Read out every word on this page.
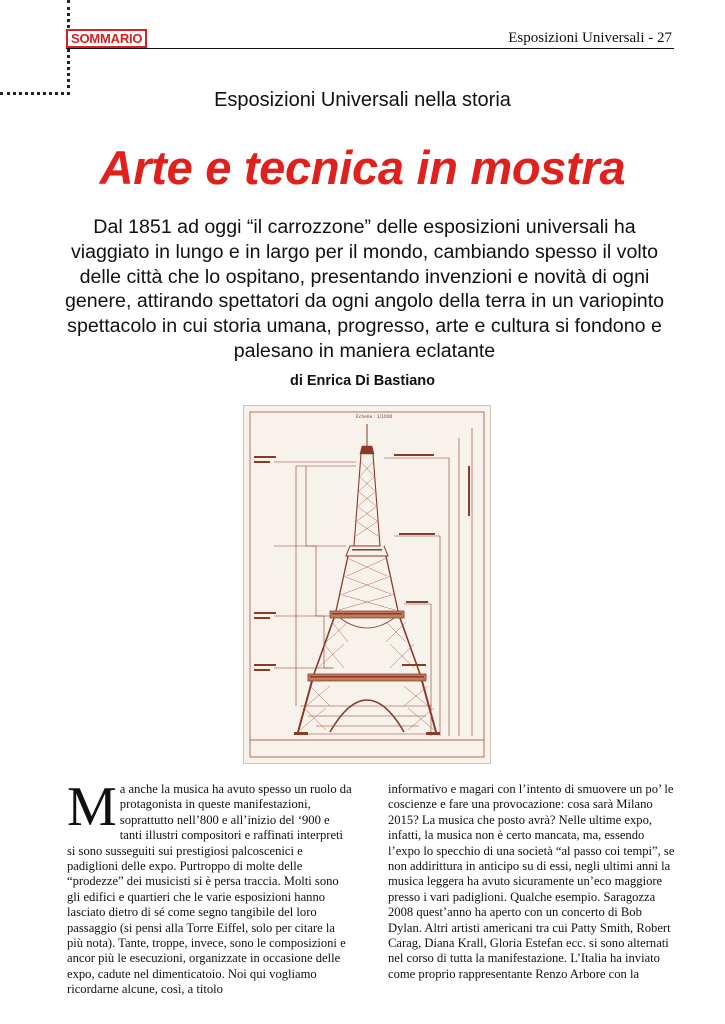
SOMMARIO	Esposizioni Universali - 27
Esposizioni Universali nella storia
Arte e tecnica in mostra
Dal 1851 ad oggi “il carrozzone” delle esposizioni universali ha viaggiato in lungo e in largo per il mondo, cambiando spesso il volto delle città che lo ospitano, presentando invenzioni e novità di ogni genere, attirando spettatori da ogni angolo della terra in un variopinto spettacolo in cui storia umana, progresso, arte e cultura si fondono e palesano in maniera eclatante
di Enrica Di Bastiano
Échelle : 1/1000

M a anche la musica ha avuto spesso un ruolo da protagonista in queste manifestazioni, soprattutto nell’800 e all’inizio del ‘900 e tanti illustri compositori e raffinati interpreti si sono susseguiti sui prestigiosi palcoscenici e padiglioni delle expo. Purtroppo di molte delle “prodezze” dei musicisti si è persa traccia. Molti sono gli edifici e quartieri che le varie esposizioni hanno lasciato dietro di sé come segno tangibile del loro passaggio (si pensi alla Torre Eiffel, solo per citare la più nota). Tante, troppe, invece, sono le composizioni e ancor più le esecuzioni, organizzate in occasione delle expo, cadute nel dimenticatoio. Noi qui vogliamo ricordarne alcune, così, a titolo

informativo e magari con l’intento di smuovere un po’ le coscienze e fare una provocazione: cosa sarà Milano 2015? La musica che posto avrà? Nelle ultime expo, infatti, la musica non è certo mancata, ma, essendo l’expo lo specchio di una società “al passo coi tempi”, se non addirittura in anticipo su di essi, negli ultimi anni la musica leggera ha avuto sicuramente un’eco maggiore presso i vari padiglioni. Qualche esempio. Saragozza 2008 quest’anno ha aperto con un concerto di Bob Dylan. Altri artisti americani tra cui Patty Smith, Robert Carag, Diana Krall, Gloria Estefan ecc. si sono alternati nel corso di tutta la manifestazione. L’Italia ha inviato come proprio rappresentante Renzo Arbore con la
